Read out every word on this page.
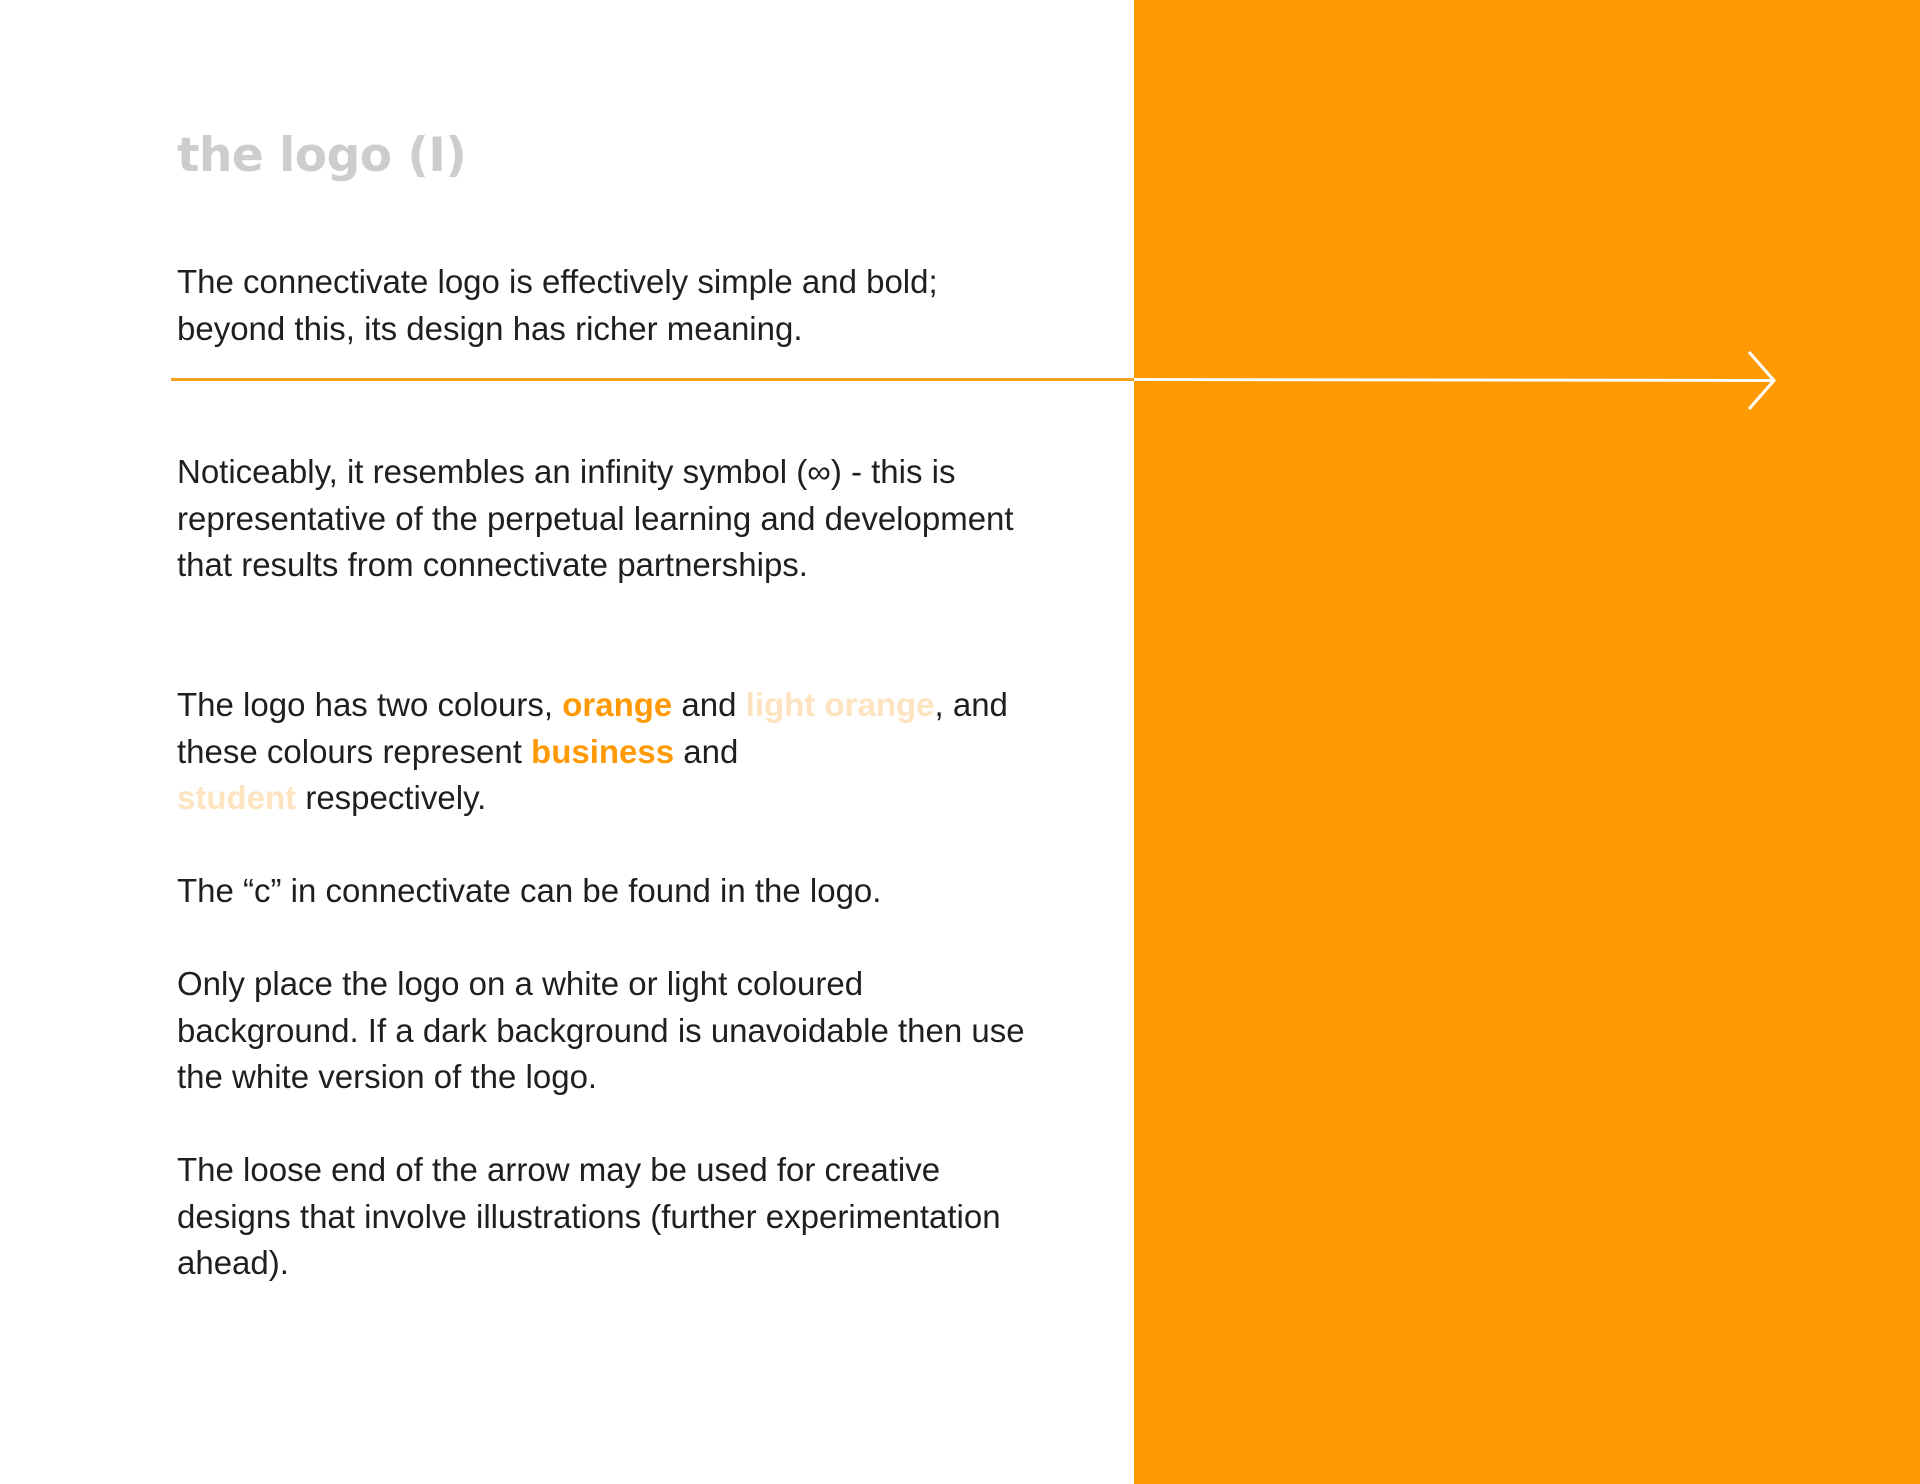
the logo (I)

The connectivate logo is effectively simple and bold; beyond this, its design has richer meaning.

Noticeably, it resembles an infinity symbol (∞) - this is representative of the perpetual learning and development that results from connectivate partnerships.

The logo has two colours, orange and light orange, and these colours represent business and
student respectively.

The “c” in connectivate can be found in the logo.

Only place the logo on a white or light coloured background. If a dark background is unavoidable then use the white version of the logo.

The loose end of the arrow may be used for creative designs that involve illustrations (further experimentation ahead).
